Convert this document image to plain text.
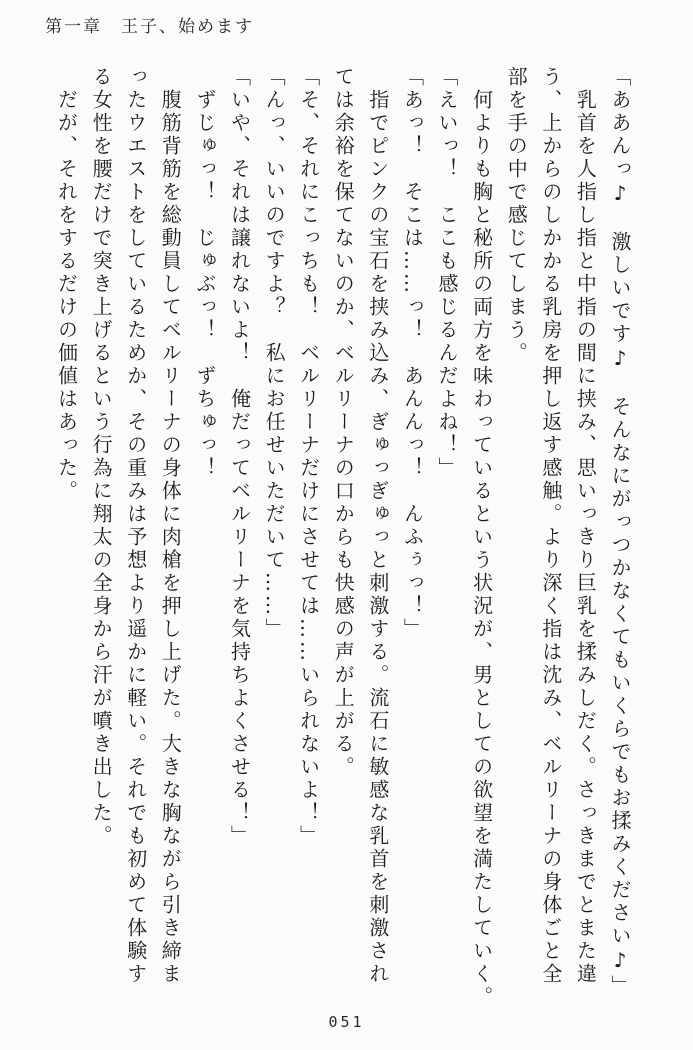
第一章　王子、始めます

「ああんっ♪　激しいです♪　そんなにがっつかなくてもいくらでもお揉みください♪」

　乳首を人指し指と中指の間に挟み、思いっきり巨乳を揉みしだく。さっきまでとまた違

う、上からのしかかる乳房を押し返す感触。より深く指は沈み、ベルリーナの身体ごと全

部を手の中で感じてしまう。

　何よりも胸と秘所の両方を味わっているという状況が、男としての欲望を満たしていく。

「えいっ！　ここも感じるんだよね！」

「あっ！　そこは……っ！　あんんっ！　んふぅっ！」

　指でピンクの宝石を挟み込み、ぎゅっぎゅっと刺激する。流石に敏感な乳首を刺激され

ては余裕を保てないのか、ベルリーナの口からも快感の声が上がる。

「そ、それにこっちも！　ベルリーナだけにさせては……いられないよ！」

「んっ、いいのですよ？　私にお任せいただいて……」

「いや、それは譲れないよ！　俺だってベルリーナを気持ちよくさせる！」

　ずじゅっ！　じゅぶっ！　ずちゅっ！

　腹筋背筋を総動員してベルリーナの身体に肉槍を押し上げた。大きな胸ながら引き締ま

ったウエストをしているためか、その重みは予想より遥かに軽い。それでも初めて体験す

る女性を腰だけで突き上げるという行為に翔太の全身から汗が噴き出した。

　だが、それをするだけの価値はあった。

051
